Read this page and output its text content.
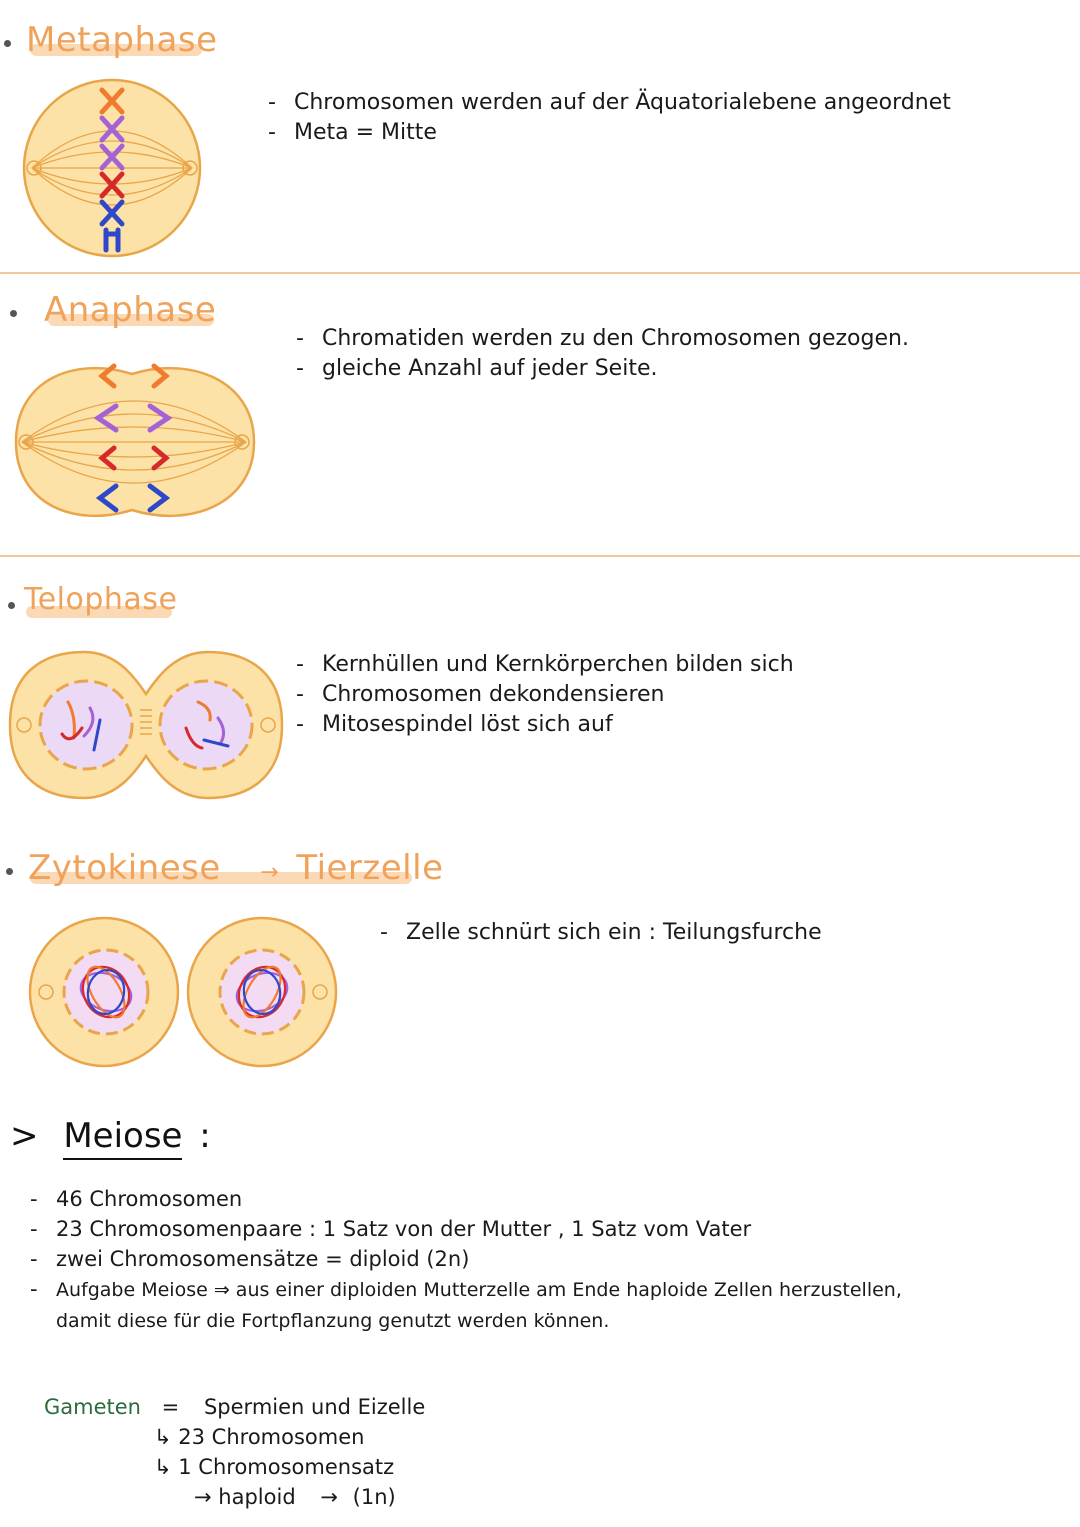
Metaphase
- Chromosomen werden auf der Äquatorialebene angeordnet
- Meta = Mitte
Anaphase
- Chromatiden werden zu den Chromosomen gezogen.
- gleiche Anzahl auf jeder Seite.
Telophase
- Kernhüllen und Kernkörperchen bilden sich
- Chromosomen dekondensieren
- Mitosespindel löst sich auf
Zytokinese → Tierzelle
- Zelle schnürt sich ein : Teilungsfurche
> Meiose :
- 46 Chromosomen
- 23 Chromosomenpaare : 1 Satz von der Mutter , 1 Satz vom Vater
- zwei Chromosomensätze = diploid (2n)
- Aufgabe Meiose ⇒ aus einer diploiden Mutterzelle am Ende haploide Zellen herzustellen,
damit diese für die Fortpflanzung genutzt werden können.
Gameten = Spermien und Eizelle
↳ 23 Chromosomen
↳ 1 Chromosomensatz
→ haploid → (1n)
